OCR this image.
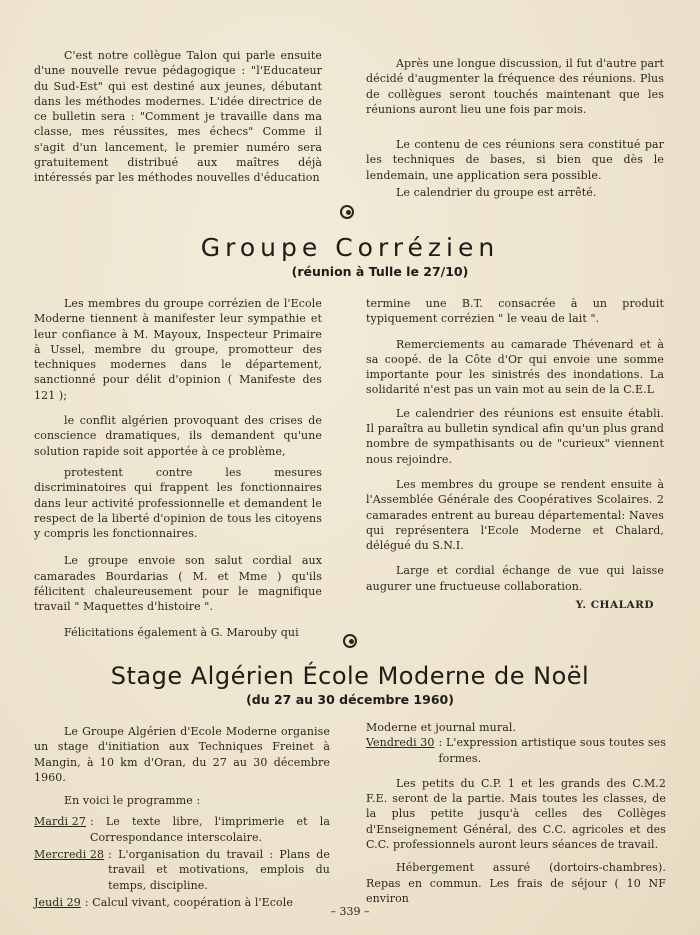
C'est notre collègue Talon qui parle ensuite d'une nouvelle revue pédagogique : "l'Educateur du Sud-Est" qui est destiné aux jeunes, débutant dans les méthodes modernes. L'idée directrice de ce bulletin sera : "Comment je travaille dans ma classe, mes réussites, mes échecs" Comme il s'agit d'un lancement, le premier numéro sera gratuitement distribué aux maîtres déjà intéressés par les méthodes nouvelles d'éducation

Après une longue discussion, il fut d'autre part décidé d'augmenter la fréquence des réunions. Plus de collègues seront touchés maintenant que les réunions auront lieu une fois par mois.

Le contenu de ces réunions sera constitué par les techniques de bases, si bien que dès le lendemain, une application sera possible.

Le calendrier du groupe est arrêté.

Groupe Corrézien
(réunion à Tulle le 27/10)

Les membres du groupe corrézien de l'Ecole Moderne tiennent à manifester leur sympathie et leur confiance à M. Mayoux, Inspecteur Primaire à Ussel, membre du groupe, promotteur des techniques modernes dans le département, sanctionné pour délit d'opinion ( Manifeste des 121 );

le conflit algérien provoquant des crises de conscience dramatiques, ils demandent qu'une solution rapide soit apportée à ce problème,

protestent contre les mesures discriminatoires qui frappent les fonctionnaires dans leur activité professionnelle et demandent le respect de la liberté d'opinion de tous les citoyens y compris les fonctionnaires.

Le groupe envoie son salut cordial aux camarades Bourdarias ( M. et Mme ) qu'ils félicitent chaleureusement pour le magnifique travail " Maquettes d'histoire ".

Félicitations également à G. Marouby qui

termine une B.T. consacrée à un produit typiquement corrézien " le veau de lait ".

Remerciements au camarade Thévenard et à sa coopé. de la Côte d'Or qui envoie une somme importante pour les sinistrés des inondations. La solidarité n'est pas un vain mot au sein de la C.E.L

Le calendrier des réunions est ensuite établi. Il paraîtra au bulletin syndical afin qu'un plus grand nombre de sympathisants ou de "curieux" viennent nous rejoindre.

Les membres du groupe se rendent ensuite à l'Assemblée Générale des Coopératives Scolaires. 2 camarades entrent au bureau départemental: Naves qui représentera l'Ecole Moderne et Chalard, délégué du S.N.I.

Large et cordial échange de vue qui laisse augurer une fructueuse collaboration.

Y. CHALARD

Stage Algérien École Moderne de Noël
(du 27 au 30 décembre 1960)

Le Groupe Algérien d'Ecole Moderne organise un stage d'initiation aux Techniques Freinet à Mangin, à 10 km d'Oran, du 27 au 30 décembre 1960.

En voici le programme :

Mardi 27 : Le texte libre, l'imprimerie et la Correspondance interscolaire.
Mercredi 28 : L'organisation du travail : Plans de travail et motivations, emplois du temps, discipline.
Jeudi 29 : Calcul vivant, coopération à l'Ecole

Moderne et journal mural.

Vendredi 30 : L'expression artistique sous toutes ses formes.

Les petits du C.P. 1 et les grands des C.M.2 F.E. seront de la partie. Mais toutes les classes, de la plus petite jusqu'à celles des Collèges d'Enseignement Général, des C.C. agricoles et des C.C. professionnels auront leurs séances de travail.

Hébergement assuré (dortoirs-chambres). Repas en commun. Les frais de séjour ( 10 NF environ

– 339 –
